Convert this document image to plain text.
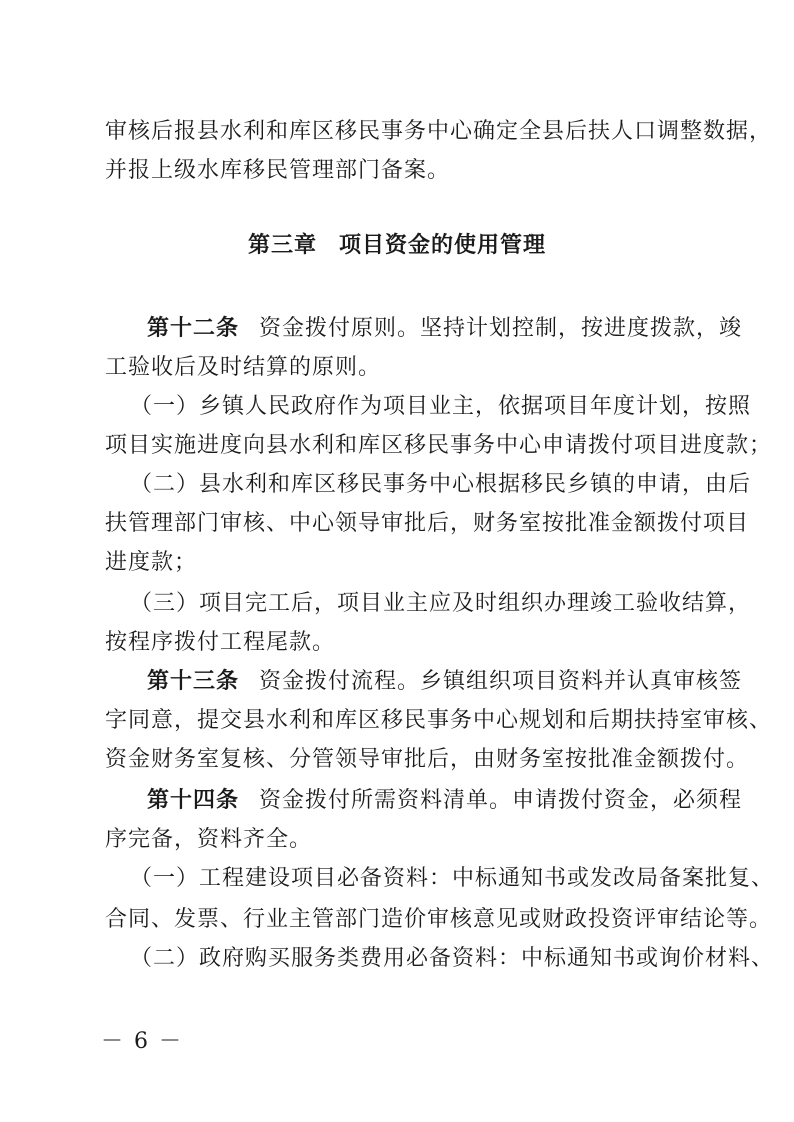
审核后报县水利和库区移民事务中心确定全县后扶人口调整数据，
并报上级水库移民管理部门备案。
第三章 项目资金的使用管理
第十二条 资金拨付原则。坚持计划控制，按进度拨款，竣
工验收后及时结算的原则。
（一）乡镇人民政府作为项目业主，依据项目年度计划，按照
项目实施进度向县水利和库区移民事务中心申请拨付项目进度款；
（二）县水利和库区移民事务中心根据移民乡镇的申请，由后
扶管理部门审核、中心领导审批后，财务室按批准金额拨付项目
进度款；
（三）项目完工后，项目业主应及时组织办理竣工验收结算，
按程序拨付工程尾款。
第十三条 资金拨付流程。乡镇组织项目资料并认真审核签
字同意，提交县水利和库区移民事务中心规划和后期扶持室审核、
资金财务室复核、分管领导审批后，由财务室按批准金额拨付。
第十四条 资金拨付所需资料清单。申请拨付资金，必须程
序完备，资料齐全。
（一）工程建设项目必备资料：中标通知书或发改局备案批复、
合同、发票、行业主管部门造价审核意见或财政投资评审结论等。
（二）政府购买服务类费用必备资料：中标通知书或询价材料、
－ 6 －
